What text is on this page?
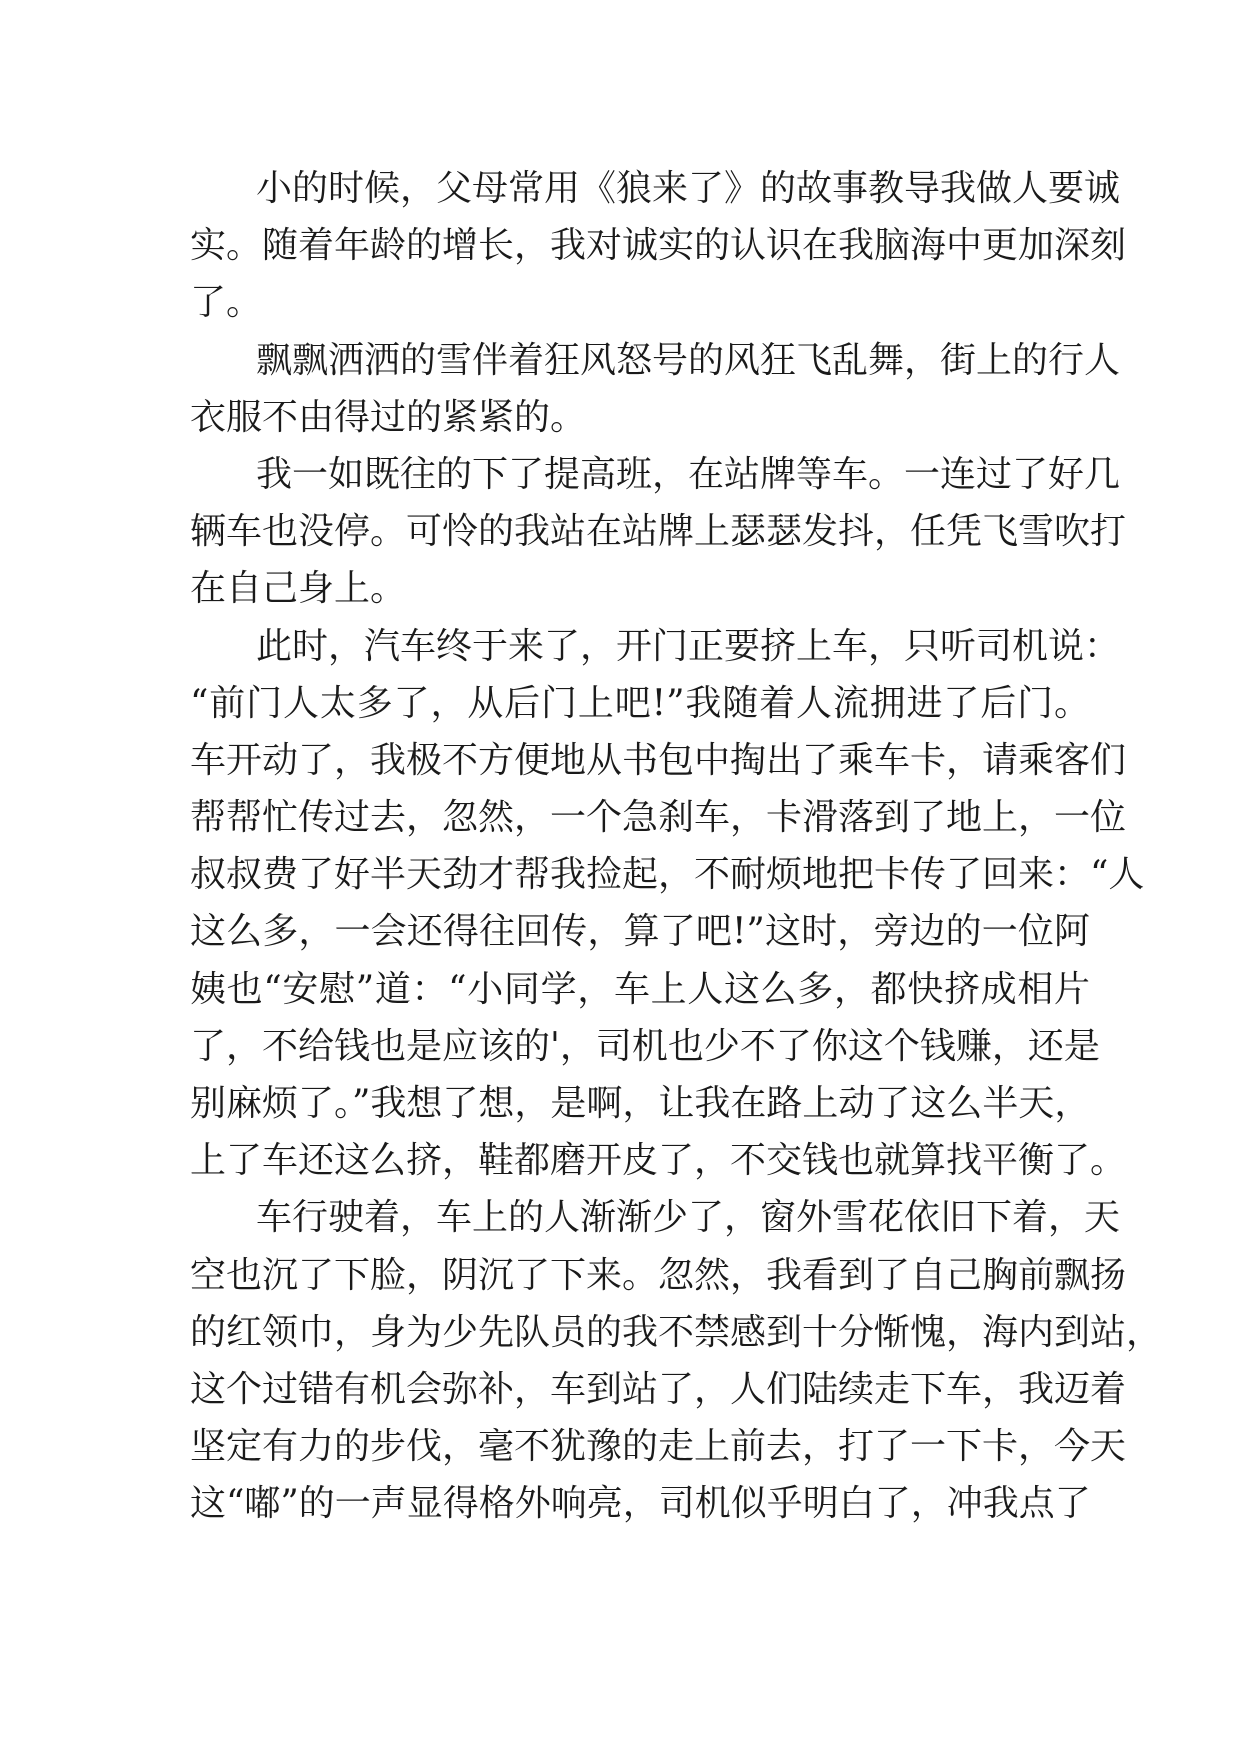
小的时候，父母常用《狼来了》的故事教导我做人要诚
实。随着年龄的增长，我对诚实的认识在我脑海中更加深刻
了。
飘飘洒洒的雪伴着狂风怒号的风狂飞乱舞，街上的行人
衣服不由得过的紧紧的。
我一如既往的下了提高班，在站牌等车。一连过了好几
辆车也没停。可怜的我站在站牌上瑟瑟发抖，任凭飞雪吹打
在自己身上。
此时，汽车终于来了，开门正要挤上车，只听司机说：
“前门人太多了，从后门上吧!”我随着人流拥进了后门。
车开动了，我极不方便地从书包中掏出了乘车卡，请乘客们
帮帮忙传过去，忽然，一个急刹车，卡滑落到了地上，一位
叔叔费了好半天劲才帮我捡起，不耐烦地把卡传了回来：“人
这么多，一会还得往回传，算了吧!”这时，旁边的一位阿
姨也“安慰”道：“小同学，车上人这么多，都快挤成相片
了，不给钱也是应该的'，司机也少不了你这个钱赚，还是
别麻烦了。”我想了想，是啊，让我在路上动了这么半天，
上了车还这么挤，鞋都磨开皮了，不交钱也就算找平衡了。
车行驶着，车上的人渐渐少了，窗外雪花依旧下着，天
空也沉了下脸，阴沉了下来。忽然，我看到了自己胸前飘扬
的红领巾，身为少先队员的我不禁感到十分惭愧，海内到站，
这个过错有机会弥补，车到站了，人们陆续走下车，我迈着
坚定有力的步伐，毫不犹豫的走上前去，打了一下卡，今天
这“嘟”的一声显得格外响亮，司机似乎明白了，冲我点了
